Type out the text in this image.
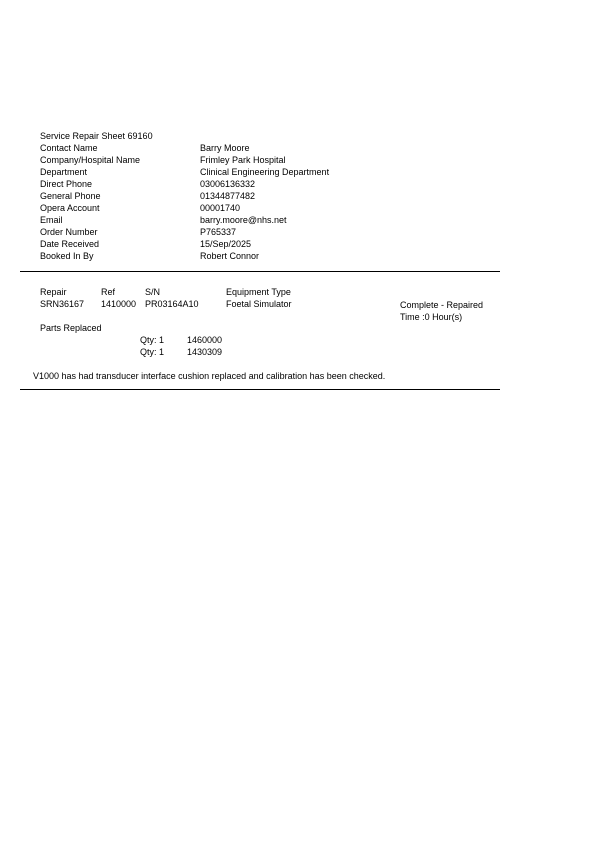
Service Repair Sheet 69160
Contact Name	Barry Moore
Company/Hospital Name	Frimley Park Hospital
Department	Clinical Engineering Department
Direct Phone	03006136332
General Phone	01344877482
Opera Account	00001740
Email	barry.moore@nhs.net
Order Number	P765337
Date Received	15/Sep/2025
Booked In By	Robert Connor
Repair	Ref	S/N	Equipment Type
SRN36167 1410000 PR03164A10	Foetal Simulator	Complete - Repaired
Time :0 Hour(s)
Parts Replaced
Qty: 1	1460000
Qty: 1	1430309
V1000 has had transducer interface cushion replaced and calibration has been checked.
